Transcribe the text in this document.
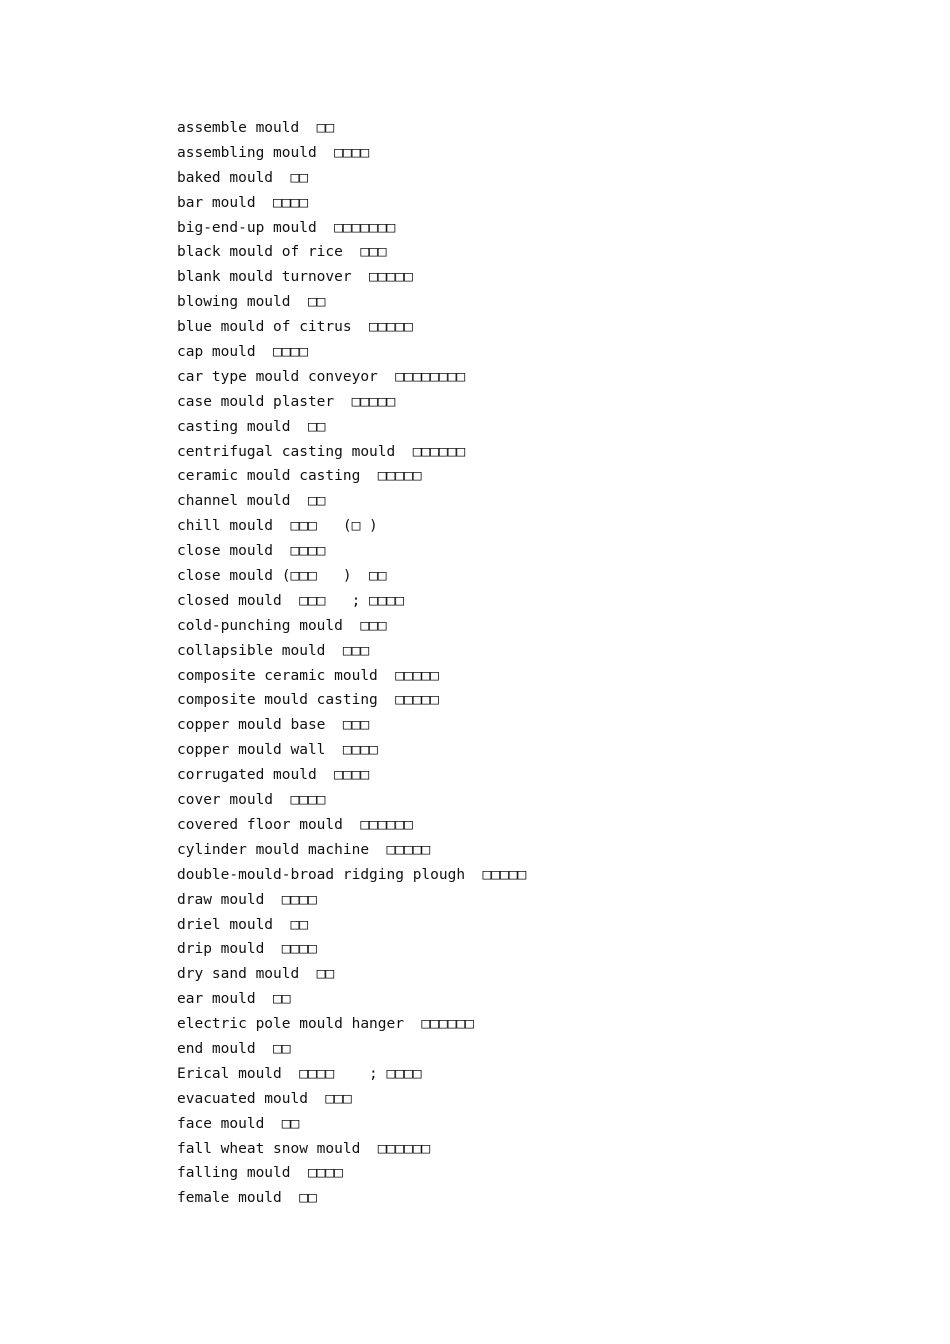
assemble mould  □□
assembling mould  □□□□
baked mould  □□
bar mould  □□□□
big-end-up mould  □□□□□□□
black mould of rice  □□□
blank mould turnover  □□□□□
blowing mould  □□
blue mould of citrus  □□□□□
cap mould  □□□□
car type mould conveyor  □□□□□□□□
case mould plaster  □□□□□
casting mould  □□
centrifugal casting mould  □□□□□□
ceramic mould casting  □□□□□
channel mould  □□
chill mould  □□□   (□ )
close mould  □□□□
close mould (□□□   )  □□
closed mould  □□□   ; □□□□
cold-punching mould  □□□
collapsible mould  □□□
composite ceramic mould  □□□□□
composite mould casting  □□□□□
copper mould base  □□□
copper mould wall  □□□□
corrugated mould  □□□□
cover mould  □□□□
covered floor mould  □□□□□□
cylinder mould machine  □□□□□
double-mould-broad ridging plough  □□□□□
draw mould  □□□□
driel mould  □□
drip mould  □□□□
dry sand mould  □□
ear mould  □□
electric pole mould hanger  □□□□□□
end mould  □□
Erical mould  □□□□    ; □□□□
evacuated mould  □□□
face mould  □□
fall wheat snow mould  □□□□□□
falling mould  □□□□
female mould  □□
